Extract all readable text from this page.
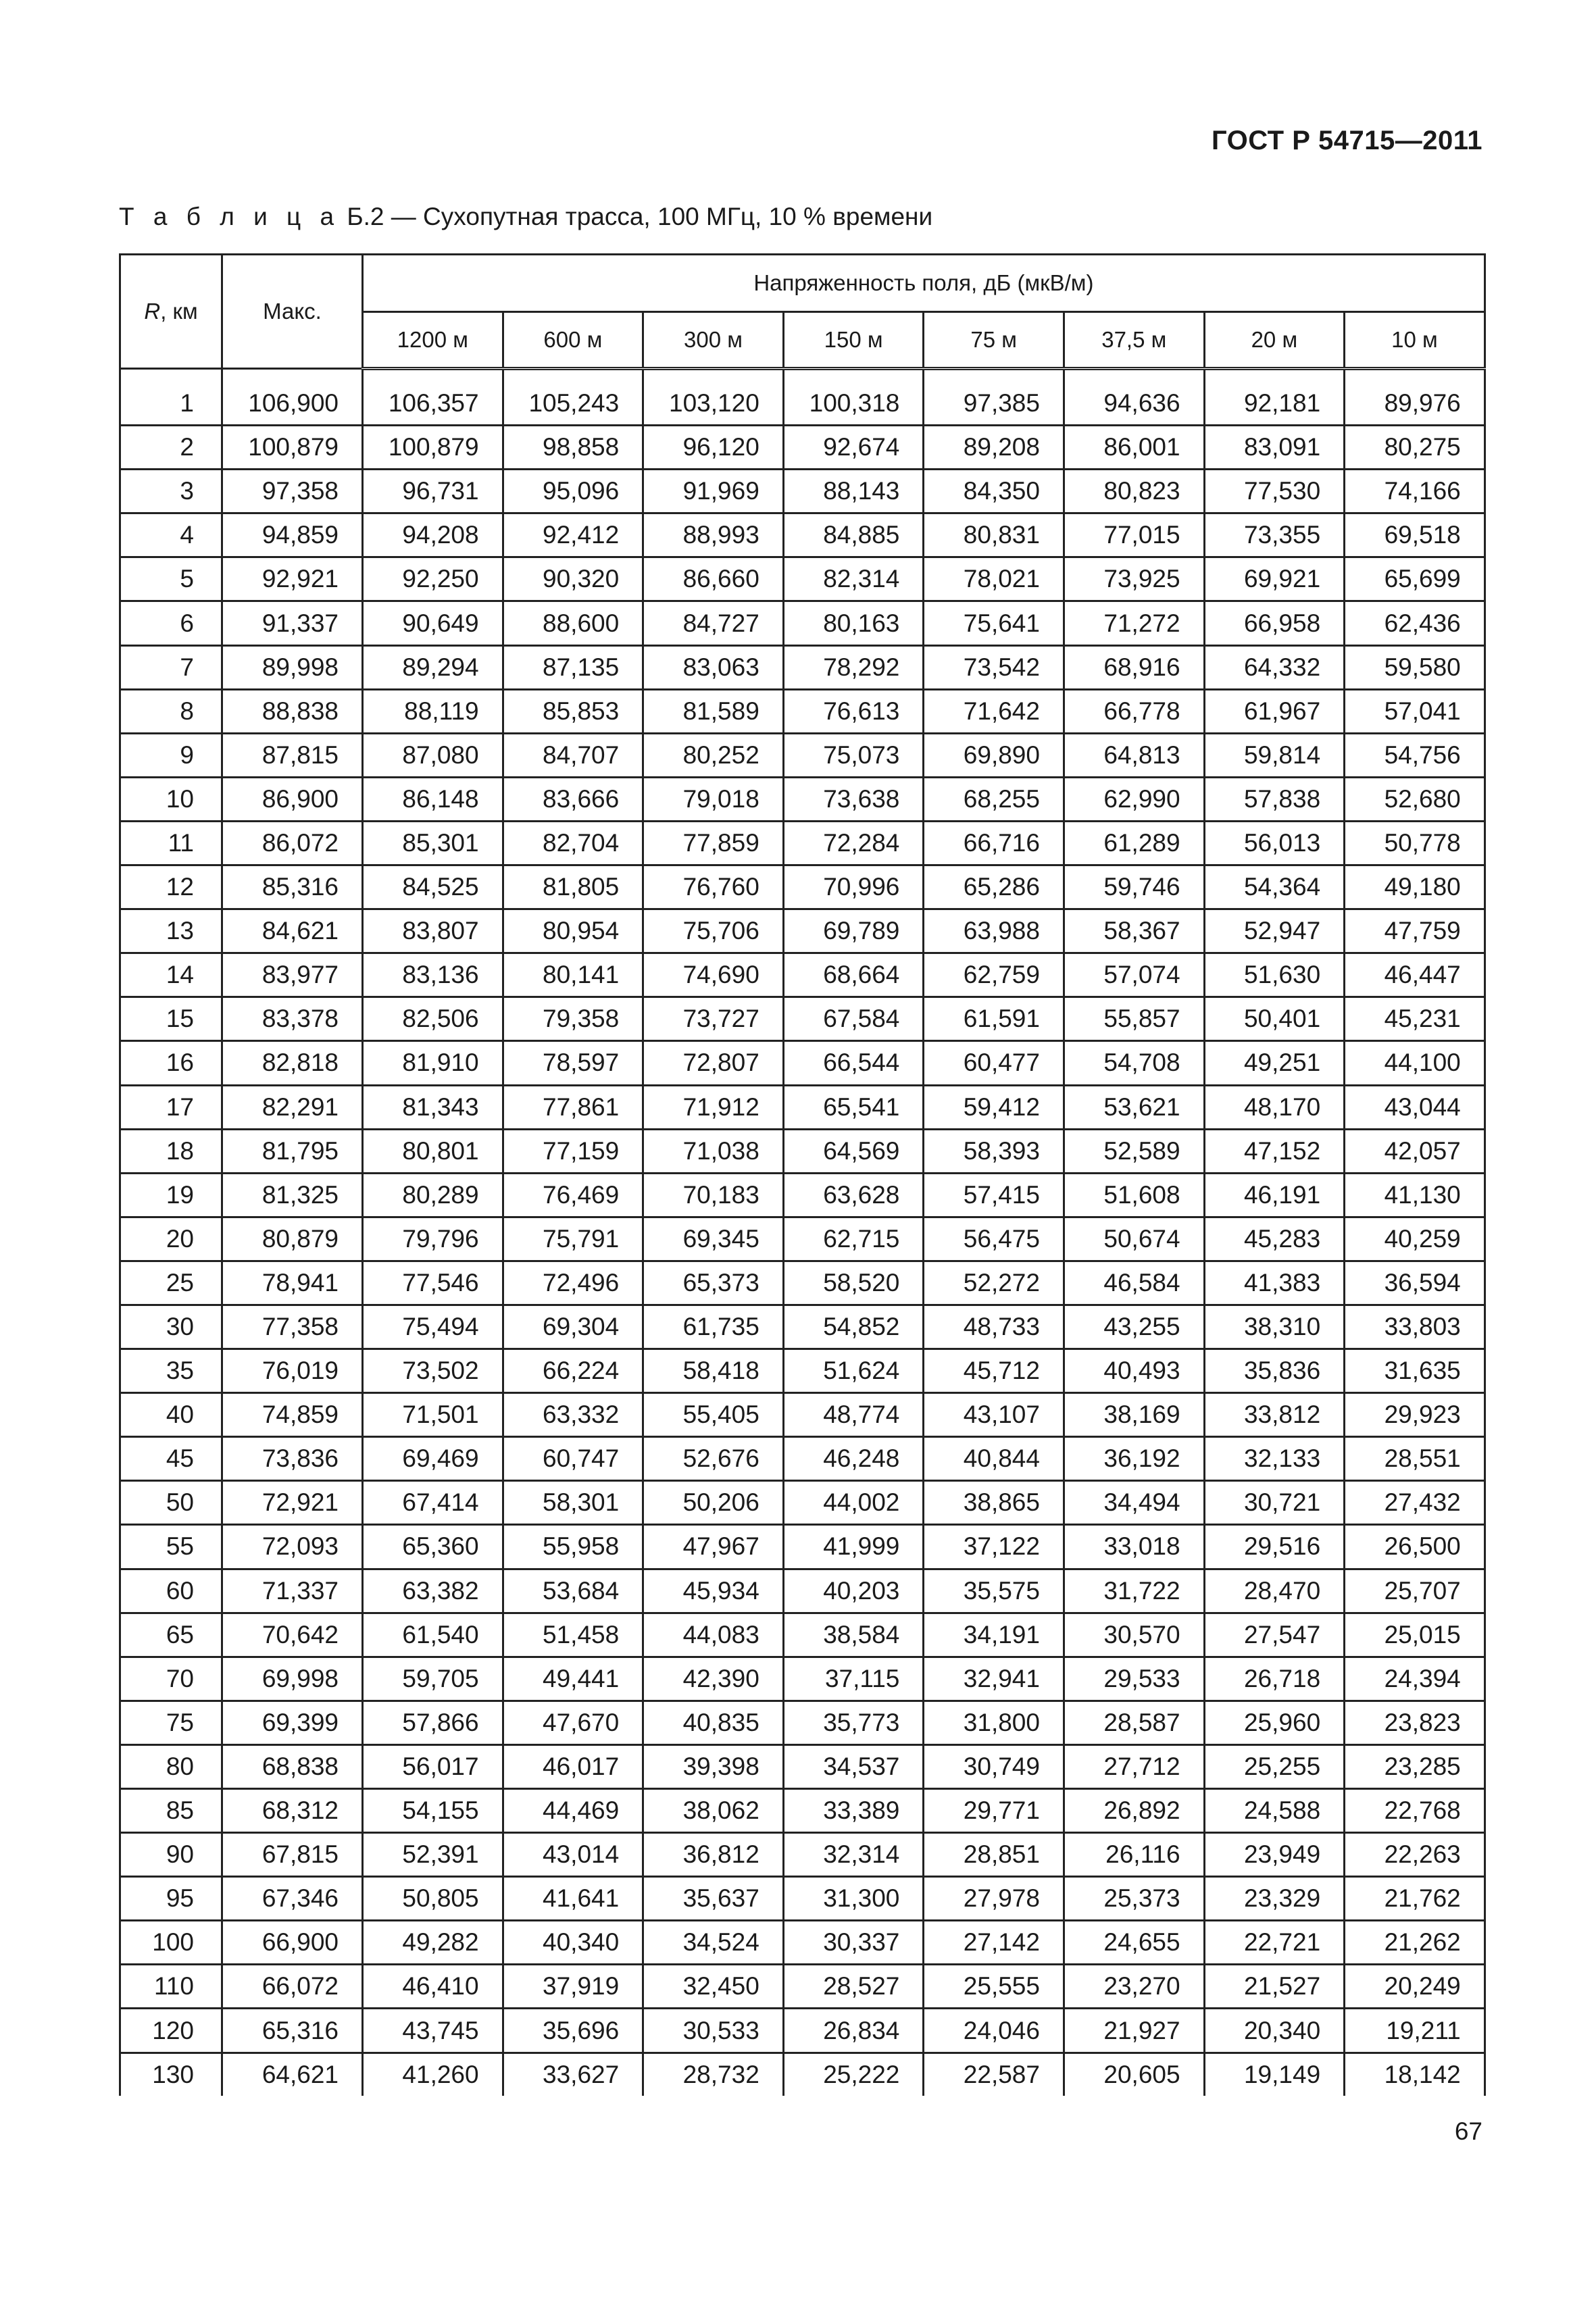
ГОСТ Р 54715—2011
Т а б л и ц а Б.2 — Сухопутная трасса, 100 МГц, 10 % времени
R, км	Макс.	Напряженность поля, дБ (мкВ/м)							
		1200 м	600 м	300 м	150 м	75 м	37,5 м	20 м	10 м

1	106,900	106,357	105,243	103,120	100,318	97,385	94,636	92,181	89,976
2	100,879	100,879	98,858	96,120	92,674	89,208	86,001	83,091	80,275
3	97,358	96,731	95,096	91,969	88,143	84,350	80,823	77,530	74,166
4	94,859	94,208	92,412	88,993	84,885	80,831	77,015	73,355	69,518
5	92,921	92,250	90,320	86,660	82,314	78,021	73,925	69,921	65,699
6	91,337	90,649	88,600	84,727	80,163	75,641	71,272	66,958	62,436
7	89,998	89,294	87,135	83,063	78,292	73,542	68,916	64,332	59,580
8	88,838	88,119	85,853	81,589	76,613	71,642	66,778	61,967	57,041
9	87,815	87,080	84,707	80,252	75,073	69,890	64,813	59,814	54,756
10	86,900	86,148	83,666	79,018	73,638	68,255	62,990	57,838	52,680
11	86,072	85,301	82,704	77,859	72,284	66,716	61,289	56,013	50,778
12	85,316	84,525	81,805	76,760	70,996	65,286	59,746	54,364	49,180
13	84,621	83,807	80,954	75,706	69,789	63,988	58,367	52,947	47,759
14	83,977	83,136	80,141	74,690	68,664	62,759	57,074	51,630	46,447
15	83,378	82,506	79,358	73,727	67,584	61,591	55,857	50,401	45,231
16	82,818	81,910	78,597	72,807	66,544	60,477	54,708	49,251	44,100
17	82,291	81,343	77,861	71,912	65,541	59,412	53,621	48,170	43,044
18	81,795	80,801	77,159	71,038	64,569	58,393	52,589	47,152	42,057
19	81,325	80,289	76,469	70,183	63,628	57,415	51,608	46,191	41,130
20	80,879	79,796	75,791	69,345	62,715	56,475	50,674	45,283	40,259
25	78,941	77,546	72,496	65,373	58,520	52,272	46,584	41,383	36,594
30	77,358	75,494	69,304	61,735	54,852	48,733	43,255	38,310	33,803
35	76,019	73,502	66,224	58,418	51,624	45,712	40,493	35,836	31,635
40	74,859	71,501	63,332	55,405	48,774	43,107	38,169	33,812	29,923
45	73,836	69,469	60,747	52,676	46,248	40,844	36,192	32,133	28,551
50	72,921	67,414	58,301	50,206	44,002	38,865	34,494	30,721	27,432
55	72,093	65,360	55,958	47,967	41,999	37,122	33,018	29,516	26,500
60	71,337	63,382	53,684	45,934	40,203	35,575	31,722	28,470	25,707
65	70,642	61,540	51,458	44,083	38,584	34,191	30,570	27,547	25,015
70	69,998	59,705	49,441	42,390	37,115	32,941	29,533	26,718	24,394
75	69,399	57,866	47,670	40,835	35,773	31,800	28,587	25,960	23,823
80	68,838	56,017	46,017	39,398	34,537	30,749	27,712	25,255	23,285
85	68,312	54,155	44,469	38,062	33,389	29,771	26,892	24,588	22,768
90	67,815	52,391	43,014	36,812	32,314	28,851	26,116	23,949	22,263
95	67,346	50,805	41,641	35,637	31,300	27,978	25,373	23,329	21,762
100	66,900	49,282	40,340	34,524	30,337	27,142	24,655	22,721	21,262
110	66,072	46,410	37,919	32,450	28,527	25,555	23,270	21,527	20,249
120	65,316	43,745	35,696	30,533	26,834	24,046	21,927	20,340	19,211
130	64,621	41,260	33,627	28,732	25,222	22,587	20,605	19,149	18,142
67
